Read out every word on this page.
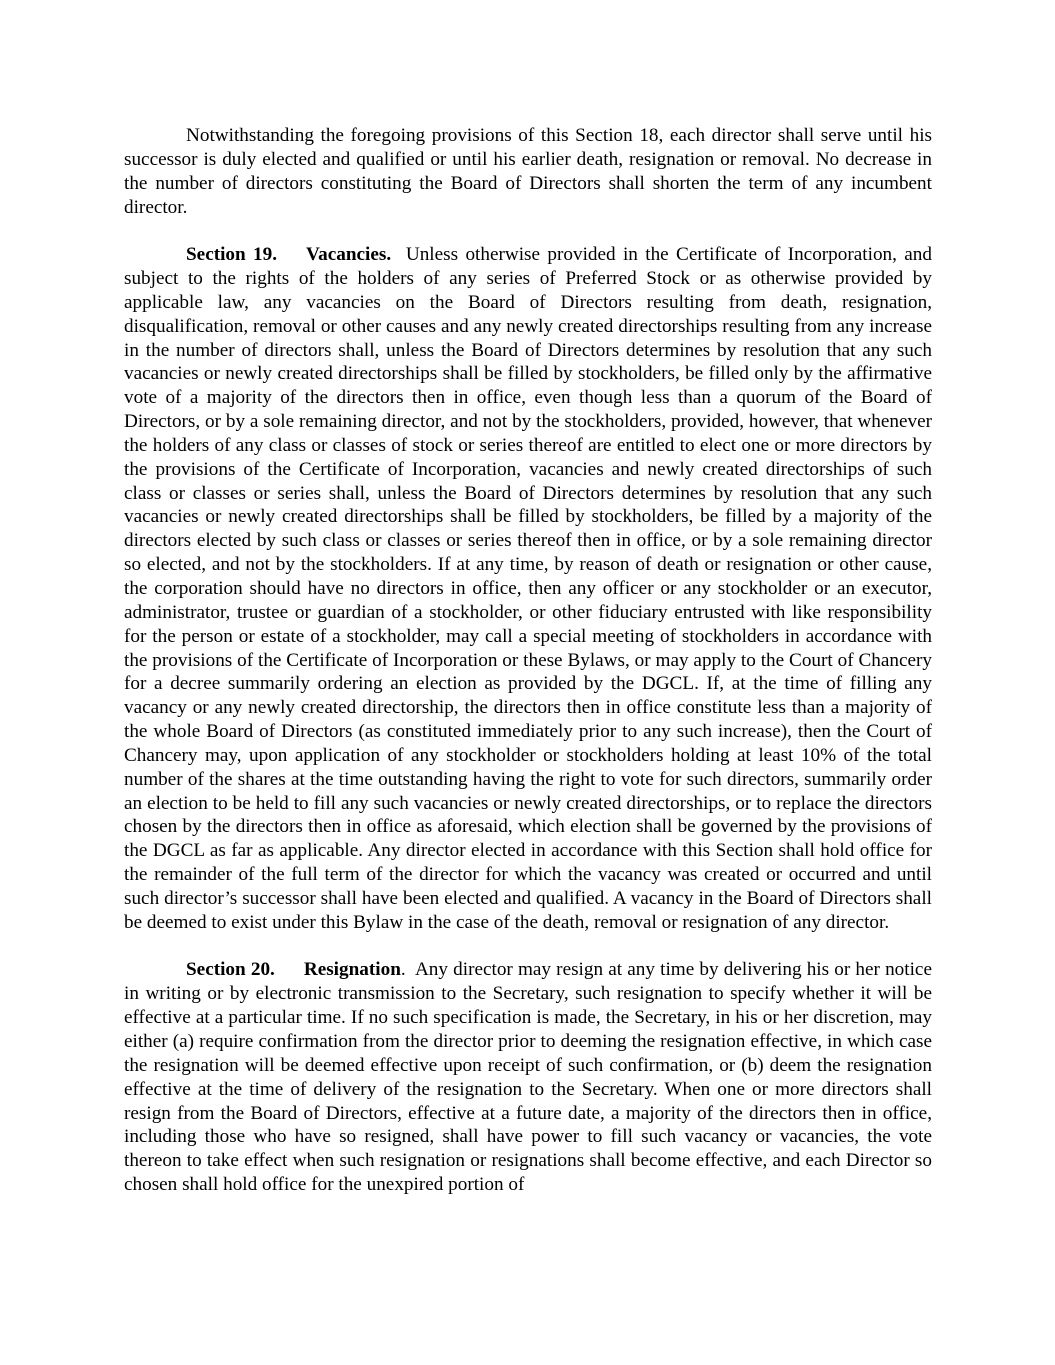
Notwithstanding the foregoing provisions of this Section 18, each director shall serve until his successor is duly elected and qualified or until his earlier death, resignation or removal. No decrease in the number of directors constituting the Board of Directors shall shorten the term of any incumbent director.

Section 19. Vacancies. Unless otherwise provided in the Certificate of Incorporation, and subject to the rights of the holders of any series of Preferred Stock or as otherwise provided by applicable law, any vacancies on the Board of Directors resulting from death, resignation, disqualification, removal or other causes and any newly created directorships resulting from any increase in the number of directors shall, unless the Board of Directors determines by resolution that any such vacancies or newly created directorships shall be filled by stockholders, be filled only by the affirmative vote of a majority of the directors then in office, even though less than a quorum of the Board of Directors, or by a sole remaining director, and not by the stockholders, provided, however, that whenever the holders of any class or classes of stock or series thereof are entitled to elect one or more directors by the provisions of the Certificate of Incorporation, vacancies and newly created directorships of such class or classes or series shall, unless the Board of Directors determines by resolution that any such vacancies or newly created directorships shall be filled by stockholders, be filled by a majority of the directors elected by such class or classes or series thereof then in office, or by a sole remaining director so elected, and not by the stockholders. If at any time, by reason of death or resignation or other cause, the corporation should have no directors in office, then any officer or any stockholder or an executor, administrator, trustee or guardian of a stockholder, or other fiduciary entrusted with like responsibility for the person or estate of a stockholder, may call a special meeting of stockholders in accordance with the provisions of the Certificate of Incorporation or these Bylaws, or may apply to the Court of Chancery for a decree summarily ordering an election as provided by the DGCL. If, at the time of filling any vacancy or any newly created directorship, the directors then in office constitute less than a majority of the whole Board of Directors (as constituted immediately prior to any such increase), then the Court of Chancery may, upon application of any stockholder or stockholders holding at least 10% of the total number of the shares at the time outstanding having the right to vote for such directors, summarily order an election to be held to fill any such vacancies or newly created directorships, or to replace the directors chosen by the directors then in office as aforesaid, which election shall be governed by the provisions of the DGCL as far as applicable. Any director elected in accordance with this Section shall hold office for the remainder of the full term of the director for which the vacancy was created or occurred and until such director’s successor shall have been elected and qualified. A vacancy in the Board of Directors shall be deemed to exist under this Bylaw in the case of the death, removal or resignation of any director.

Section 20. Resignation. Any director may resign at any time by delivering his or her notice in writing or by electronic transmission to the Secretary, such resignation to specify whether it will be effective at a particular time. If no such specification is made, the Secretary, in his or her discretion, may either (a) require confirmation from the director prior to deeming the resignation effective, in which case the resignation will be deemed effective upon receipt of such confirmation, or (b) deem the resignation effective at the time of delivery of the resignation to the Secretary. When one or more directors shall resign from the Board of Directors, effective at a future date, a majority of the directors then in office, including those who have so resigned, shall have power to fill such vacancy or vacancies, the vote thereon to take effect when such resignation or resignations shall become effective, and each Director so chosen shall hold office for the unexpired portion of
